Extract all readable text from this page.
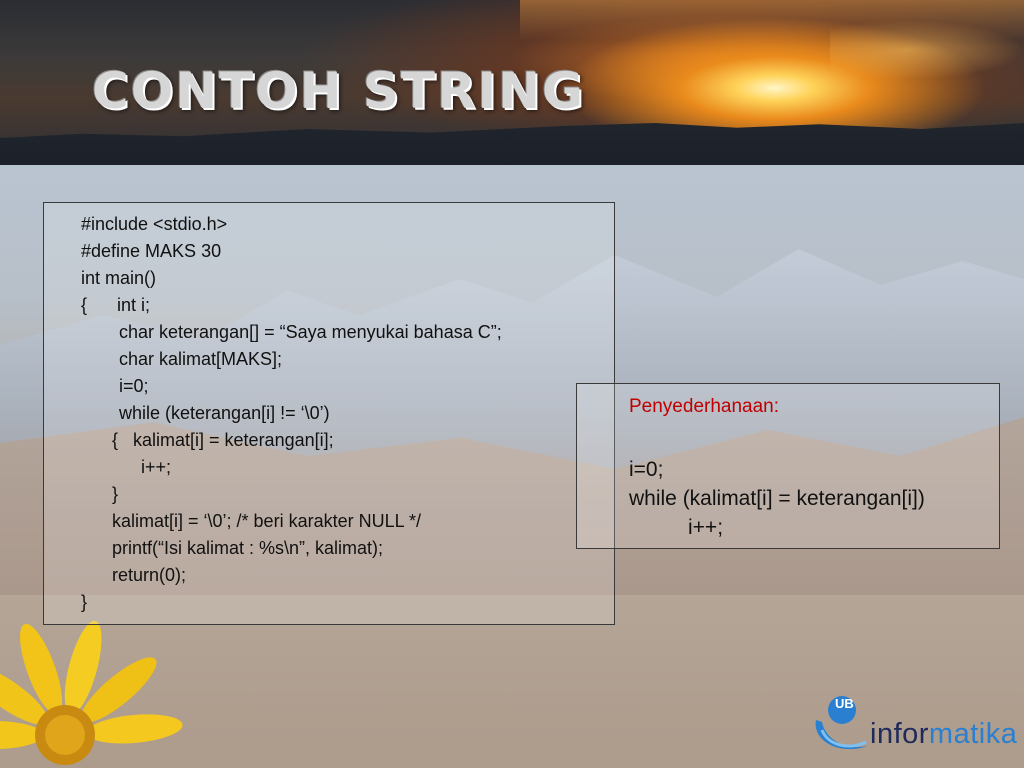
CONTOH STRING
#include <stdio.h>
#define MAKS 30
int main()
{      int i;
char keterangan[] = “Saya menyukai bahasa C”;
char kalimat[MAKS];
i=0;
while (keterangan[i] != ‘\0’)
{   kalimat[i] = keterangan[i];
i++;
}
kalimat[i] = ‘\0’; /* beri karakter NULL */
printf(“Isi kalimat : %s\n”, kalimat);
return(0);
}
Penyederhanaan:
i=0;
while (kalimat[i] = keterangan[i])
i++;
UB
informatika
